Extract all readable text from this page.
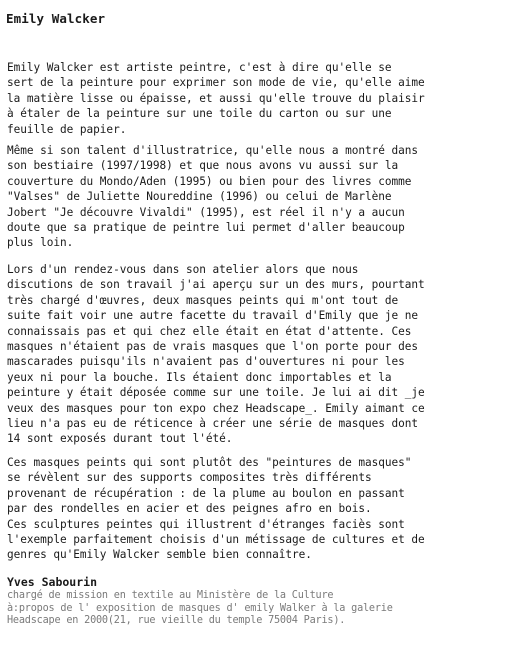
Emily Walcker
Emily Walcker est artiste peintre, c'est à dire qu'elle se
sert de la peinture pour exprimer son mode de vie, qu'elle aime
la matière lisse ou épaisse, et aussi qu'elle trouve du plaisir
à étaler de la peinture sur une toile du carton ou sur une
feuille de papier.
Même si son talent d'illustratrice, qu'elle nous a montré dans
son bestiaire (1997/1998) et que nous avons vu aussi sur la
couverture du Mondo/Aden (1995) ou bien pour des livres comme
"Valses" de Juliette Noureddine (1996) ou celui de Marlène
Jobert "Je découvre Vivaldi" (1995), est réel il n'y a aucun
doute que sa pratique de peintre lui permet d'aller beaucoup
plus loin.
Lors d'un rendez-vous dans son atelier alors que nous
discutions de son travail j'ai aperçu sur un des murs, pourtant
très chargé d'œuvres, deux masques peints qui m'ont tout de
suite fait voir une autre facette du travail d'Emily que je ne
connaissais pas et qui chez elle était en état d'attente. Ces
masques n'étaient pas de vrais masques que l'on porte pour des
mascarades puisqu'ils n'avaient pas d'ouvertures ni pour les
yeux ni pour la bouche. Ils étaient donc importables et la
peinture y était déposée comme sur une toile. Je lui ai dit _je
veux des masques pour ton expo chez Headscape_. Emily aimant ce
lieu n'a pas eu de réticence à créer une série de masques dont
14 sont exposés durant tout l'été.
Ces masques peints qui sont plutôt des "peintures de masques"
se révèlent sur des supports composites très différents
provenant de récupération : de la plume au boulon en passant
par des rondelles en acier et des peignes afro en bois.
Ces sculptures peintes qui illustrent d'étranges faciès sont
l'exemple parfaitement choisis d'un métissage de cultures et de
genres qu'Emily Walcker semble bien connaître.
Yves Sabourin
chargé de mission en textile au Ministère de la Culture
à:propos de l' exposition de masques d' emily Walker à la galerie
Headscape en 2000(21, rue vieille du temple 75004 Paris).
